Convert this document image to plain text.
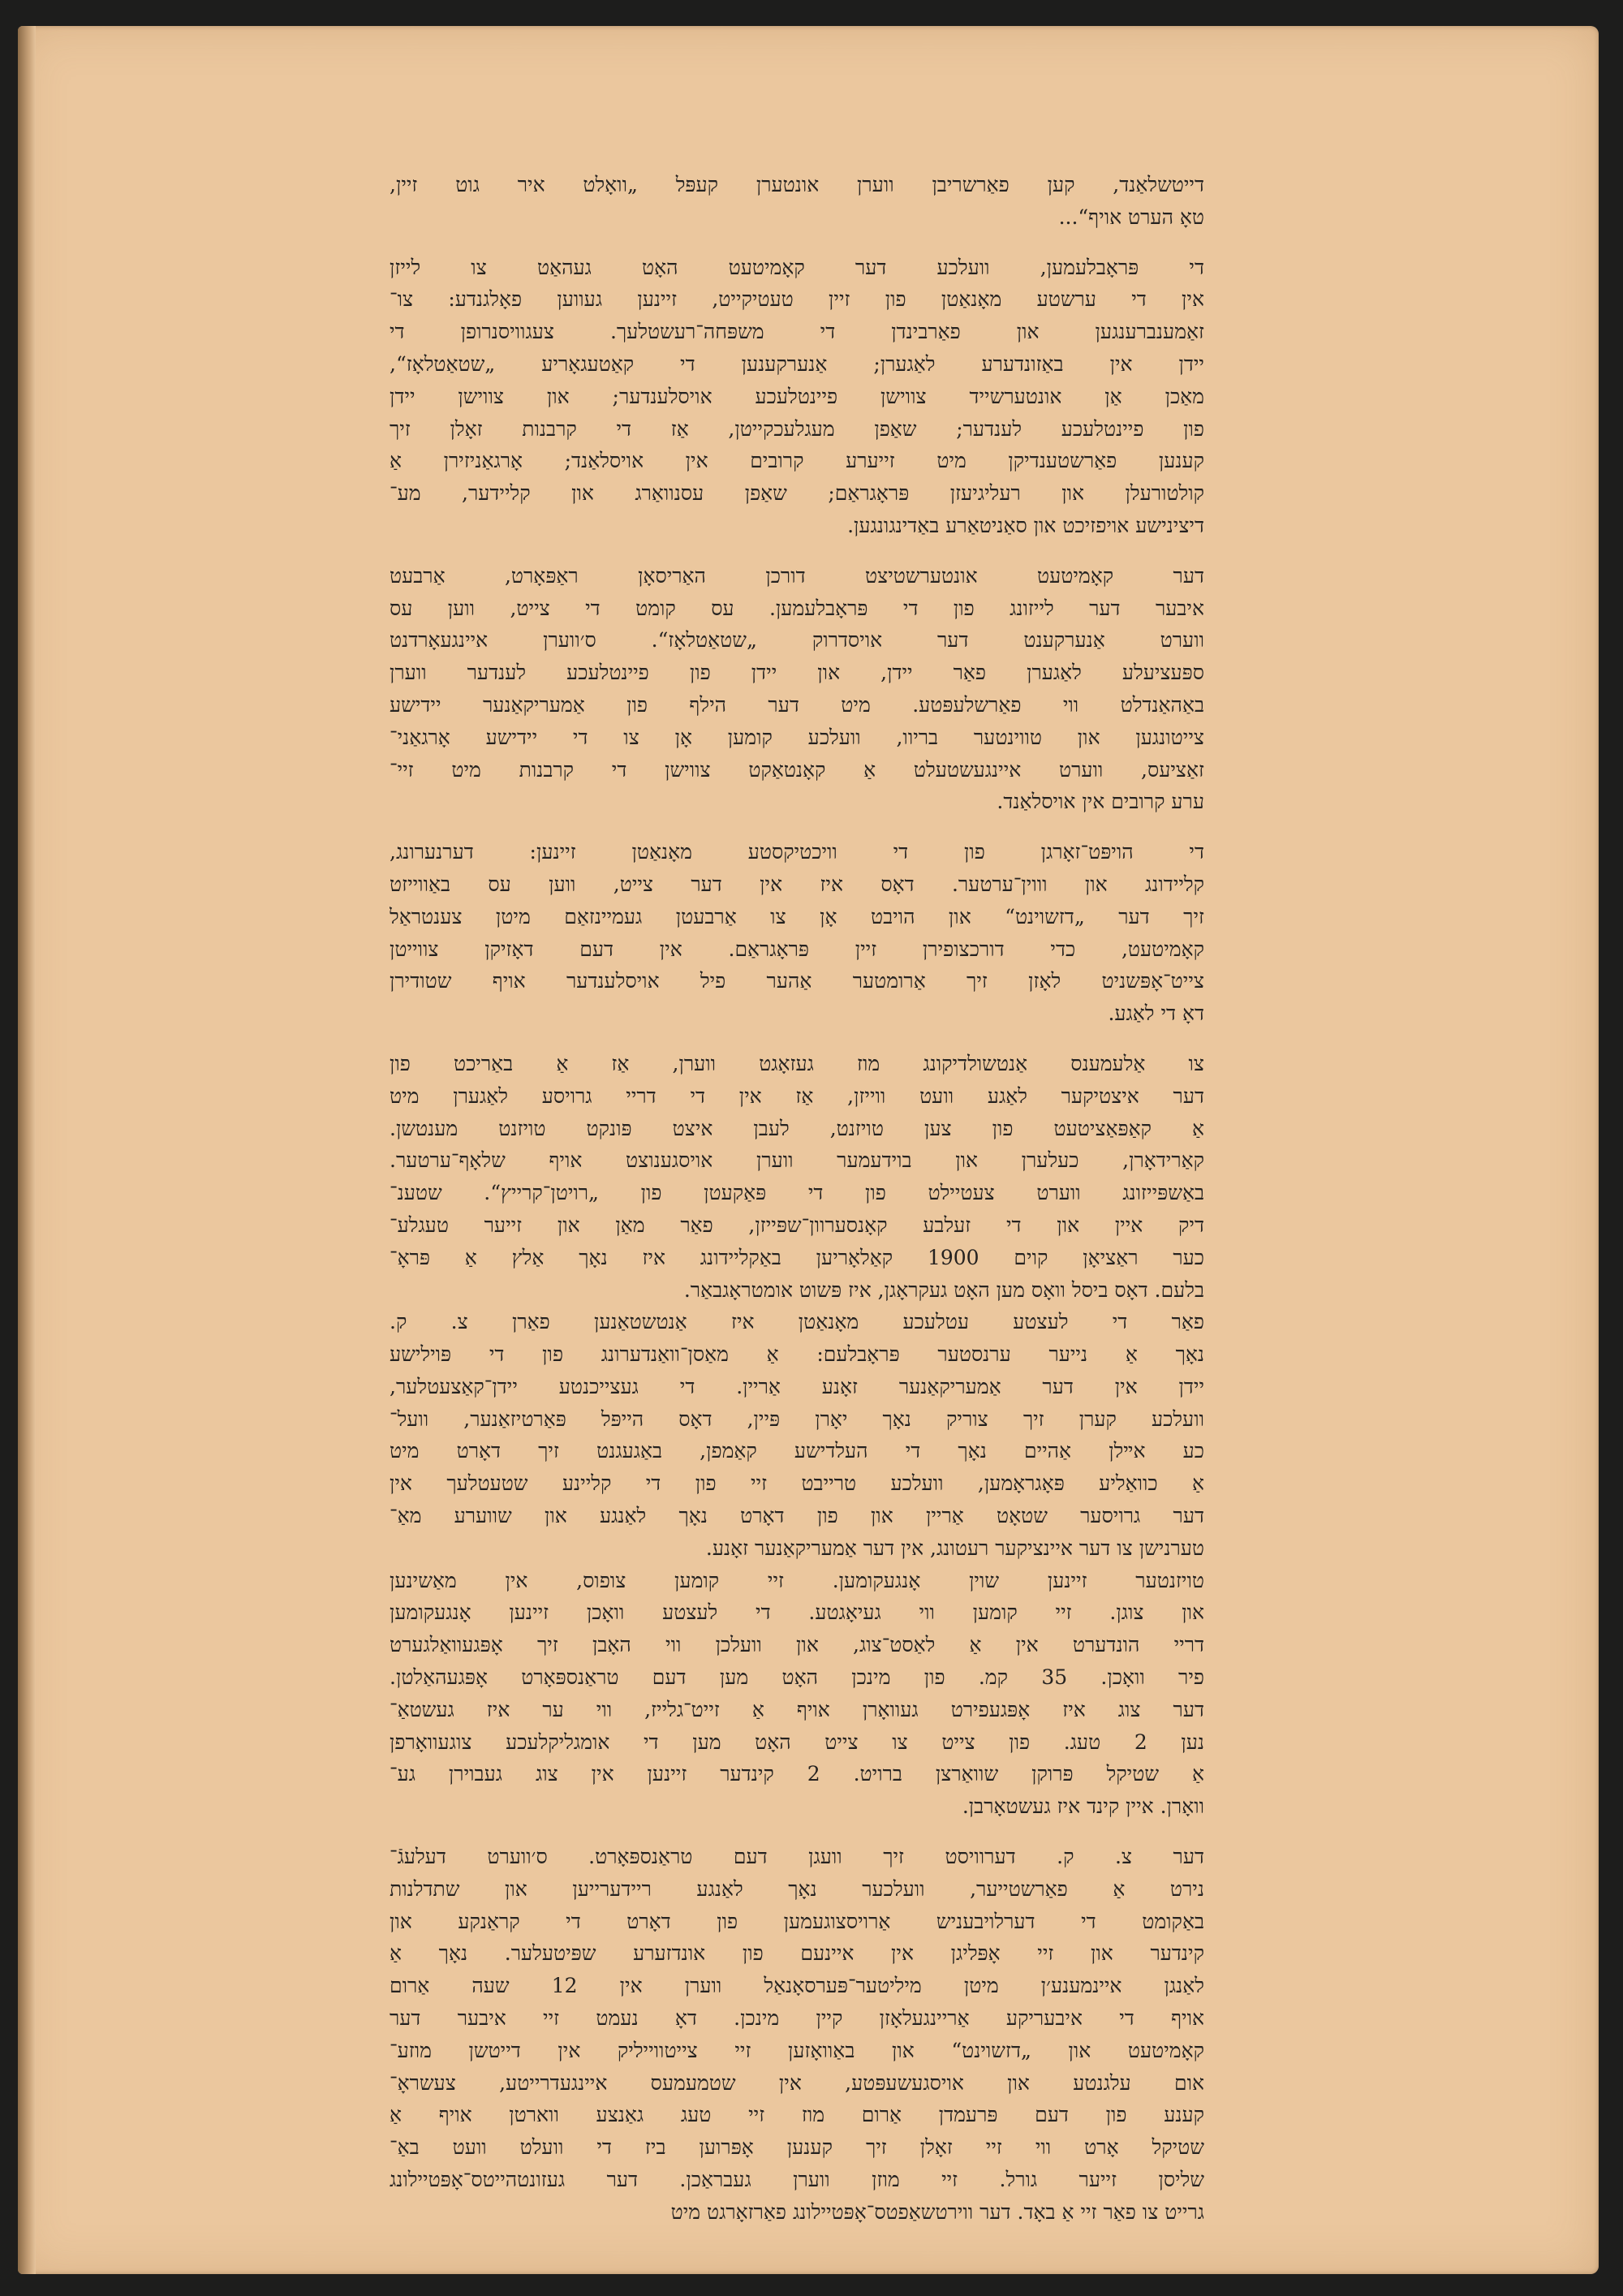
דייטשלאַנד, קען פאַרשריבן ווערן אונטערן קעפּל „וואָלט איר גוט זיין,
טאָ הערט אויף“...

די פּראָבלעמען, וועלכע דער קאָמיטעט האָט געהאַט צו לייזן
אין די ערשטע מאָנאַטן פון זיין טעטיקייט, זיינען געווען פאָלגנדע: צו־
זאַמענברענגען און פאַרבינדן די משפּחה־רעשטלעך. צעגוויסנרופן די
יידן אין באַזונדערע לאַגערן; אַנערקענען די קאַטעגאָריע „שטאַטלאָז“,
מאַכן אַן אונטערשייד צווישן פיינטלעכע אויסלענדער; און צווישן יידן
פון פיינטלעכע לענדער; שאַפן מעגלעכקייטן, אַז די קרבנות זאָלן זיך
קענען פאַרשטענדיקן מיט זייערע קרובים אין אויסלאַנד; אָרגאַניזירן אַ
קולטורעלן און רעליגיעזן פּראָגראַם; שאַפן עסנוואַרג און קליידער, מע־
דיצינישע אויפזיכט און סאַניטאַרע באַדינגונגען.

דער קאָמיטעט אונטערשטיצט דורכן האַריסאָן ראַפּאָרט, אַרבעט
איבער דער לייזונג פון די פּראָבלעמען. עס קומט די צייט, ווען עס
ווערט אַנערקענט דער אויסדרוק „שטאַטלאָז“. ס׳ווערן איינגעאָרדנט
ספּעציעלע לאַגערן פאַר יידן, און יידן פון פיינטלעכע לענדער ווערן
באַהאַנדלט ווי פאַרשלעפּטע. מיט דער הילף פון אַמעריקאַנער יידישע
צייטונגען און טווינטער בריוו, וועלכע קומען אָן צו די יידישע אָרגאַני־
זאַציעס, ווערט איינגעשטעלט אַ קאָנטאַקט צווישן די קרבנות מיט זיי־
ערע קרובים אין אויסלאַנד.

די הויפּט־זאָרגן פון די וויכטיקסטע מאָנאַטן זיינען: דערנערונג,
קליידונג און וווין־ערטער. דאָס איז אין דער צייט, ווען עס באַווייזט
זיך דער „דזשוינט“ און הויבט אָן צו אַרבעטן געמיינזאַם מיטן צענטראַל
קאָמיטעט, כדי דורכצופירן זיין פּראָגראַם. אין דעם דאָזיקן צווייטן
צייט־אָפּשניט לאָזן זיך אַרומטער אַהער פיל אויסלענדער אויף שטודירן
דאָ די לאַגע.

צו אַלעמענס אַנטשולדיקונג מוז געזאָגט ווערן, אַז אַ באַריכט פון
דער איצטיקער לאַגע וועט ווייזן, אַז אין די דריי גרויסע לאַגערן מיט
אַ קאַפּאַציטעט פון צען טויזנט, לעבן איצט פּונקט טויזנט מענטשן.
קאַרידאָרן, כעלערן און בוידעמער ווערן אויסגענוצט אויף שלאָף־ערטער.
באַשפּייזונג ווערט צעטיילט פון די פּאַקעטן פון „רויטן־קרייץ“. שטענ־
דיק איין און די זעלבע קאָנסערוון־שפּייזן, פאַר מאַן און זייער טעגלע־
כער ראַציאָן קוים 1900 קאַלאָריען באַקליידונג איז נאָך אַלץ אַ פּראָ־
בלעם. דאָס ביסל וואָס מען האָט געקראָגן, איז פּשוט אומטראָגבאַר.

פאַר די לעצטע עטלעכע מאָנאַטן איז אַנטשטאַנען פאַרן צ. ק.
נאָך אַ נייער ערנסטער פּראָבלעם: אַ מאַסן־וואַנדערונג פון די פּוילישע
יידן אין דער אַמעריקאַנער זאָנע אַריין. די געצייכנטע יידן־קאַצעטלער,
וועלכע קערן זיך צוריק נאָך יאָרן פּיין, דאָס הייפּל פּאַרטיזאַנער, וועל־
כע אײלן אַהיים נאָך די העלדישע קאַמפן, באַגעגנט זיך דאָרט מיט
אַ כוואַליע פּאָגראָמען, וועלכע טרייבט זיי פון די קליינע שטעטלעך אין
דער גרויסער שטאָט אַריין און פון דאָרט נאָך לאַנגע און שווערע מאַ־
טערנישן צו דער איינציקער רעטונג, אין דער אַמעריקאַנער זאָנע.

טויזנטער זיינען שוין אָנגעקומען. זיי קומען צופוס, אין מאַשינען
און צוגן. זיי קומען ווי געיאָגטע. די לעצטע וואָכן זיינען אָנגעקומען
דריי הונדערט אין אַ לאַסט־צוג, און וועלכן ווי האָבן זיך אָפּגעוואַלגערט
פיר וואָכן. 35 קמ. פון מינכן האָט מען דעם טראַנספּאָרט אָפּגעהאַלטן.
דער צוג איז אָפּגעפירט געוואָרן אויף אַ זייט־גלייז, ווי ער איז געשטאַ־
נען 2 טעג. פון צייט צו צייט האָט מען די אומגליקלעכע צוגעוואָרפן
אַ שטיקל פּרוקן שוואַרצן ברויט. 2 קינדער זיינען אין צוג געבוירן גע־
וואָרן. איין קינד איז געשטאָרבן.

דער צ. ק. דערוויסט זיך וועגן דעם טראַנספּאָרט. ס׳ווערט דעלעגֿ־
נירט אַ פאַרשטייער, וועלכער נאָך לאַנגע ריידערייען און שתדלנות
באַקומט די דערלויבעניש אַרויסצוגעמען פון דאָרט די קראַנקע און
קינדער און זיי אָפּליגן אין איינעם פון אונדזערע שפּיטעלער. נאָך אַ
לאַנגן איינמענע׳ן מיטן מיליטער־פּערסאָנאַל ווערן אין 12 שעה אַרום
אויף די איבעריקע אַריינגעלאָזן קיין מינכן. דאָ נעמט זיי איבער דער
קאָמיטעט און „דזשוינט“ און באַוואָזען זיי צייטווייליק אין דייטשן מוזע־
אום עלגנטע און אויסגעשעפּטע, אין שטמעמעס איינגעדרייטע, צעשראָ־
קענע פון דעם פּרעמדן אַרום מוז זיי טעג גאַנצע ווארטן אויף אַ
שטיקל אָרט ווי זיי זאָלן זיך קענען אָפּרוען ביז די וועלט וועט באַ־
שליסן זייער גורל. זיי מוזן ווערן געבראַכן. דער געזונטהייטס־אָפּטיילונג
גרייט צו פאַר זיי אַ באָד. דער ווירטשאַפטס־אָפּטיילונג פאַרזאָרגט מיט
